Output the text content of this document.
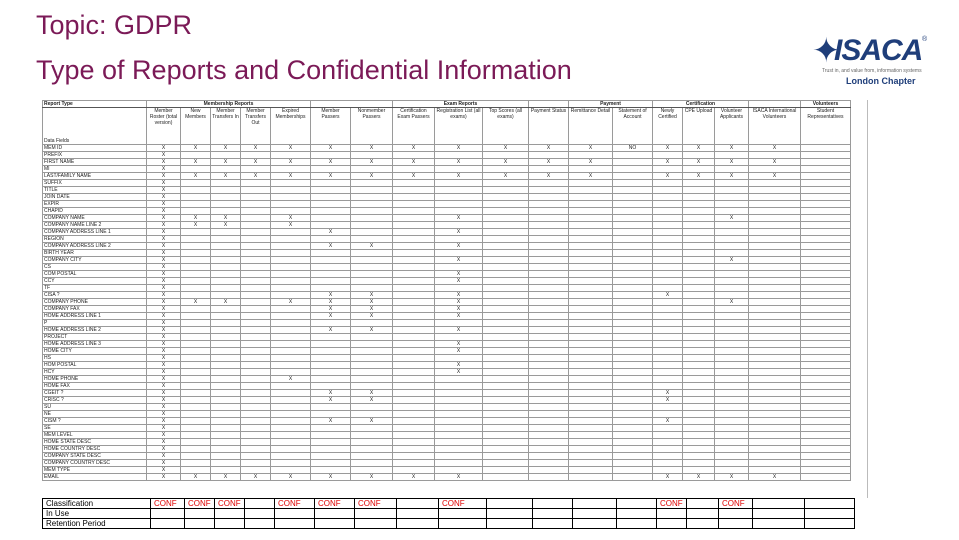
Topic: GDPR
Type of Reports and Confidential Information	✦
ISACA ®
Trust in, and value from, information systems
London Chapter
Report Type	Membership Reports							Exam Reports				Payment		Certification				Volunteers
Data Fields	Member Roster (total version)	New Members	Member Transfers In	Member Transfers Out	Expired Memberships	Member Passers	Nonmember Passers	Certification Exam Passers	Registration List (all exams)	Top Scores (all exams)	Payment Status	Remittance Detail	Statement of Account	Newly Certified	CPE Upload	Volunteer Applicants	ISACA International Volunteers	Student Representatives
MEM ID	X	X	X	X	X	X	X	X	X	X	X	X	NO	X	X	X	X	
PREFIX	X																	
FIRST NAME	X	X	X	X	X	X	X	X	X	X	X	X		X	X	X	X	
MI	X																	
LAST/FAMILY NAME	X	X	X	X	X	X	X	X	X	X	X	X		X	X	X	X	
SUFFIX	X																	
TITLE	X																	
JOIN DATE	X																	
EXPIR	X																	
CHAPID	X																	
COMPANY NAME	X	X	X		X				X							X		
COMPANY NAME LINE 2	X	X	X		X													
COMPANY ADDRESS LINE 1	X					X			X									
REGION	X																	
COMPANY ADDRESS LINE 2	X					X	X		X									
BIRTH YEAR	X																	
COMPANY CITY	X								X							X		
CS	X																	
COM POSTAL	X								X									
CCY	X								X									
TF	X																	
CISA ?	X					X	X		X					X				
COMPANY PHONE	X	X	X		X	X	X		X							X		
COMPANY FAX	X					X	X		X									
HOME ADDRESS LINE 1	X					X	X		X									
P	X																	
HOME ADDRESS LINE 2	X					X	X		X									
PROJECT	X																	
HOME ADDRESS LINE 3	X								X									
HOME CITY	X								X									
HS	X																	
HOM POSTAL	X								X									
HCY	X								X									
HOME PHONE	X				X													
HOME FAX	X																	
CGEIT ?	X					X	X							X				
CRISC ?	X					X	X							X				
SU	X																	
NE	X																	
CISM ?	X					X	X							X				
SE	X																	
MEM LEVEL	X																	
HOME STATE DESC	X																	
HOME COUNTRY DESC	X																	
COMPANY STATE DESC	X																	
COMPANY COUNTRY DESC	X																	
MEM TYPE	X																	
EMAIL	X	X	X	X	X	X	X	X	X					X	X	X	X	
Classification	CONF	CONF	CONF		CONF	CONF	CONF		CONF					CONF		CONF		
In Use																		
Retention Period																		
